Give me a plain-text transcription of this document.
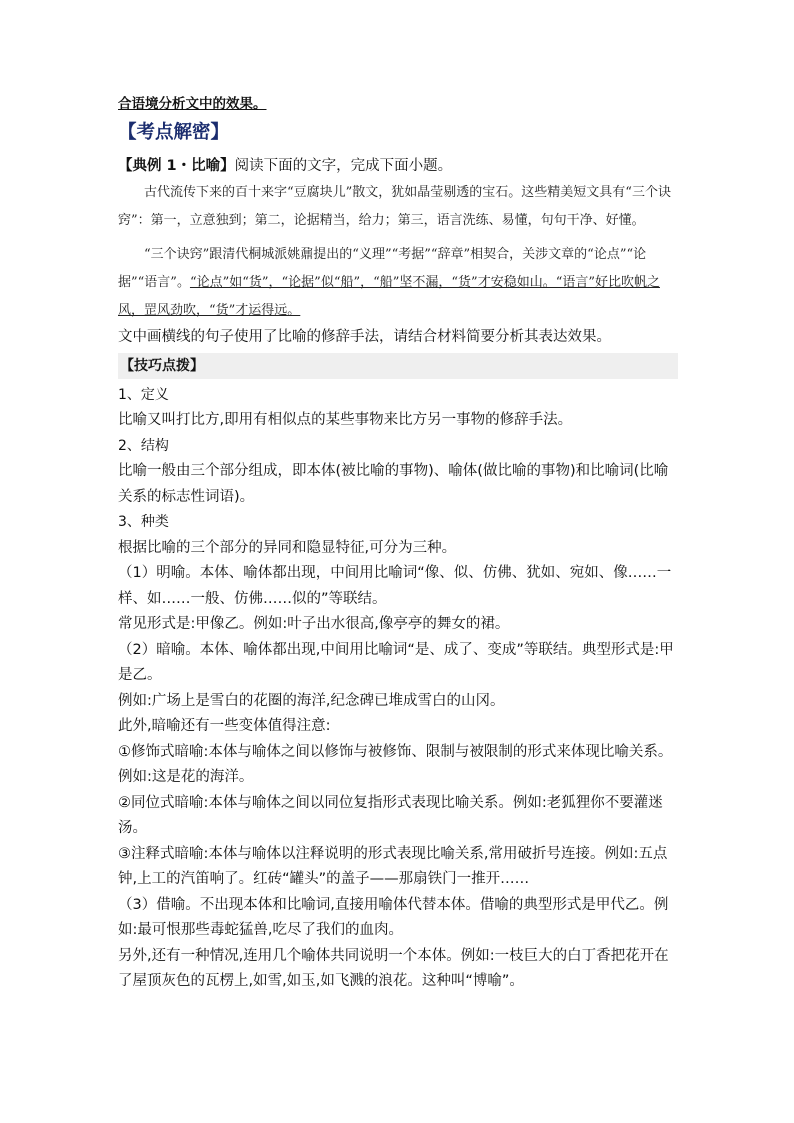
合语境分析文中的效果。

【考点解密】

【典例 1・比喻】阅读下面的文字，完成下面小题。

古代流传下来的百十来字“豆腐块儿”散文，犹如晶莹剔透的宝石。这些精美短文具有“三个诀窍”：第一，立意独到；第二，论据精当，给力；第三，语言洗练、易懂，句句干净、好懂。

“三个诀窍”跟清代桐城派姚鼐提出的“义理”“考据”“辞章”相契合，关涉文章的“论点”“论据”“语言”。“论点”如“货”，“论据”似“船”，“船”坚不漏，“货”才安稳如山。“语言”好比吹帆之风，罡风劲吹，“货”才运得远。

文中画横线的句子使用了比喻的修辞手法，请结合材料简要分析其表达效果。

【技巧点拨】

1、定义

比喻又叫打比方,即用有相似点的某些事物来比方另一事物的修辞手法。

2、结构

比喻一般由三个部分组成，即本体(被比喻的事物)、喻体(做比喻的事物)和比喻词(比喻关系的标志性词语)。

3、种类

根据比喻的三个部分的异同和隐显特征,可分为三种。

（1）明喻。本体、喻体都出现，中间用比喻词“像、似、仿佛、犹如、宛如、像……一样、如……一般、仿佛……似的”等联结。

常见形式是:甲像乙。例如:叶子出水很高,像亭亭的舞女的裙。

（2）暗喻。本体、喻体都出现,中间用比喻词“是、成了、变成”等联结。典型形式是:甲是乙。

例如:广场上是雪白的花圈的海洋,纪念碑已堆成雪白的山冈。

此外,暗喻还有一些变体值得注意:

①修饰式暗喻:本体与喻体之间以修饰与被修饰、限制与被限制的形式来体现比喻关系。例如:这是花的海洋。

②同位式暗喻:本体与喻体之间以同位复指形式表现比喻关系。例如:老狐狸你不要灌迷汤。

③注释式暗喻:本体与喻体以注释说明的形式表现比喻关系,常用破折号连接。例如:五点钟,上工的汽笛响了。红砖“罐头”的盖子——那扇铁门一推开……

（3）借喻。不出现本体和比喻词,直接用喻体代替本体。借喻的典型形式是甲代乙。例如:最可恨那些毒蛇猛兽,吃尽了我们的血肉。

另外,还有一种情况,连用几个喻体共同说明一个本体。例如:一枝巨大的白丁香把花开在了屋顶灰色的瓦楞上,如雪,如玉,如飞溅的浪花。这种叫“博喻”。
